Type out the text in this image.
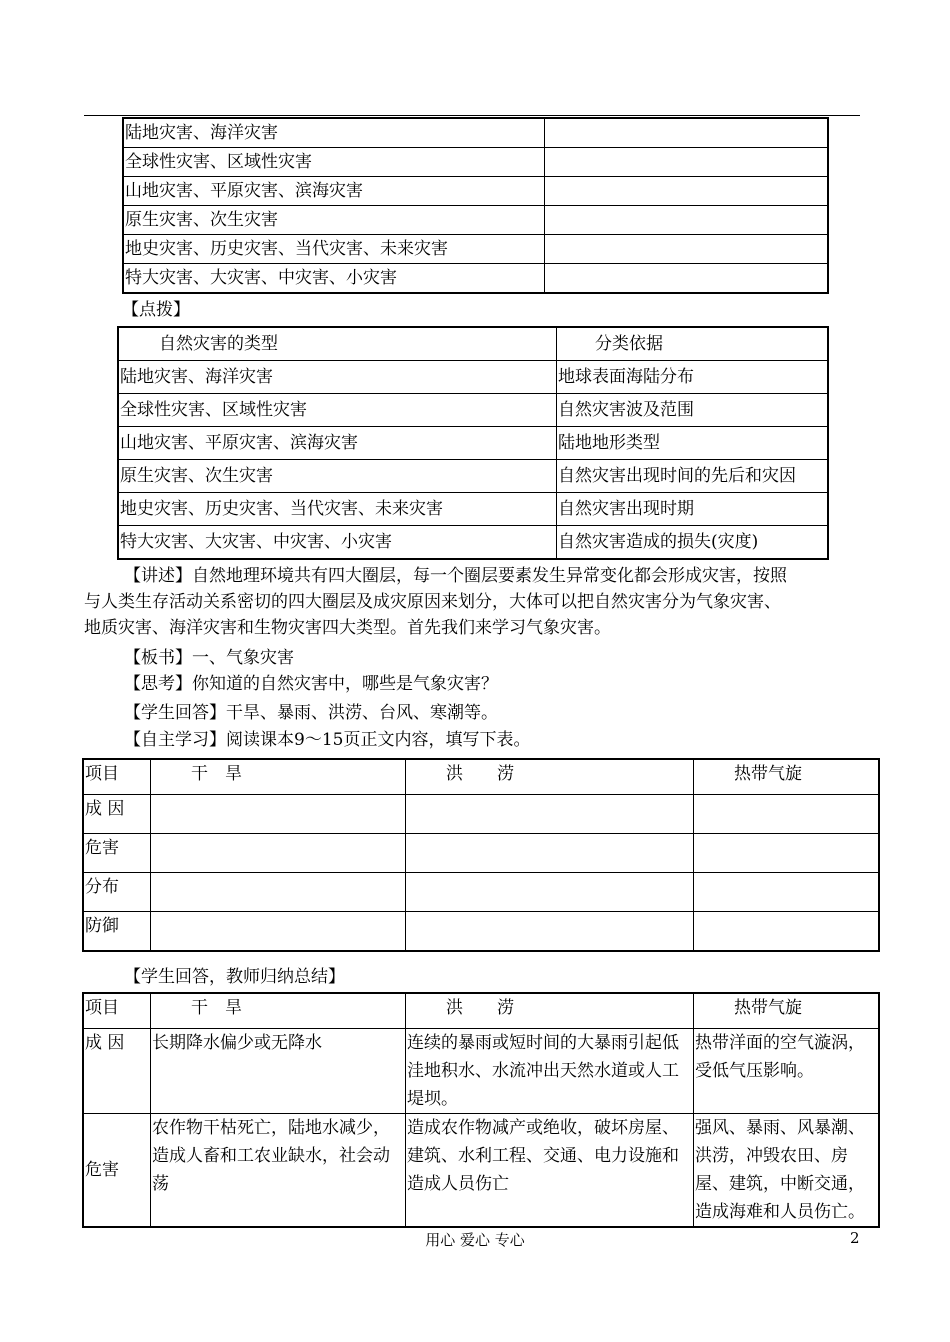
陆地灾害、海洋灾害	
全球性灾害、区域性灾害	
山地灾害、平原灾害、滨海灾害	
原生灾害、次生灾害	
地史灾害、历史灾害、当代灾害、未来灾害	
特大灾害、大灾害、中灾害、小灾害	
【点拨】
自然灾害的类型	分类依据
陆地灾害、海洋灾害	地球表面海陆分布
全球性灾害、区域性灾害	自然灾害波及范围
山地灾害、平原灾害、滨海灾害	陆地地形类型
原生灾害、次生灾害	自然灾害出现时间的先后和灾因
地史灾害、历史灾害、当代灾害、未来灾害	自然灾害出现时期
特大灾害、大灾害、中灾害、小灾害	自然灾害造成的损失(灾度)
【讲述】自然地理环境共有四大圈层，每一个圈层要素发生异常变化都会形成灾害，按照
与人类生存活动关系密切的四大圈层及成灾原因来划分，大体可以把自然灾害分为气象灾害、
地质灾害、海洋灾害和生物灾害四大类型。首先我们来学习气象灾害。
【板书】一、气象灾害
【思考】你知道的自然灾害中，哪些是气象灾害？
【学生回答】干旱、暴雨、洪涝、台风、寒潮等。
【自主学习】阅读课本9～15页正文内容，填写下表。
项目	干　旱	洪　　涝	热带气旋
成 因			
危害			
分布			
防御			
【学生回答，教师归纳总结】
项目	干　旱	洪　　涝	热带气旋
成 因	长期降水偏少或无降水	连续的暴雨或短时间的大暴雨引起低洼地积水、水流冲出天然水道或人工堤坝。	热带洋面的空气漩涡，受低气压影响。
危害	农作物干枯死亡，陆地水减少，造成人畜和工农业缺水，社会动荡	造成农作物减产或绝收，破坏房屋、建筑、水利工程、交通、电力设施和造成人员伤亡	强风、暴雨、风暴潮、洪涝，冲毁农田、房屋、建筑，中断交通，造成海难和人员伤亡。
用心 爱心 专心	2
